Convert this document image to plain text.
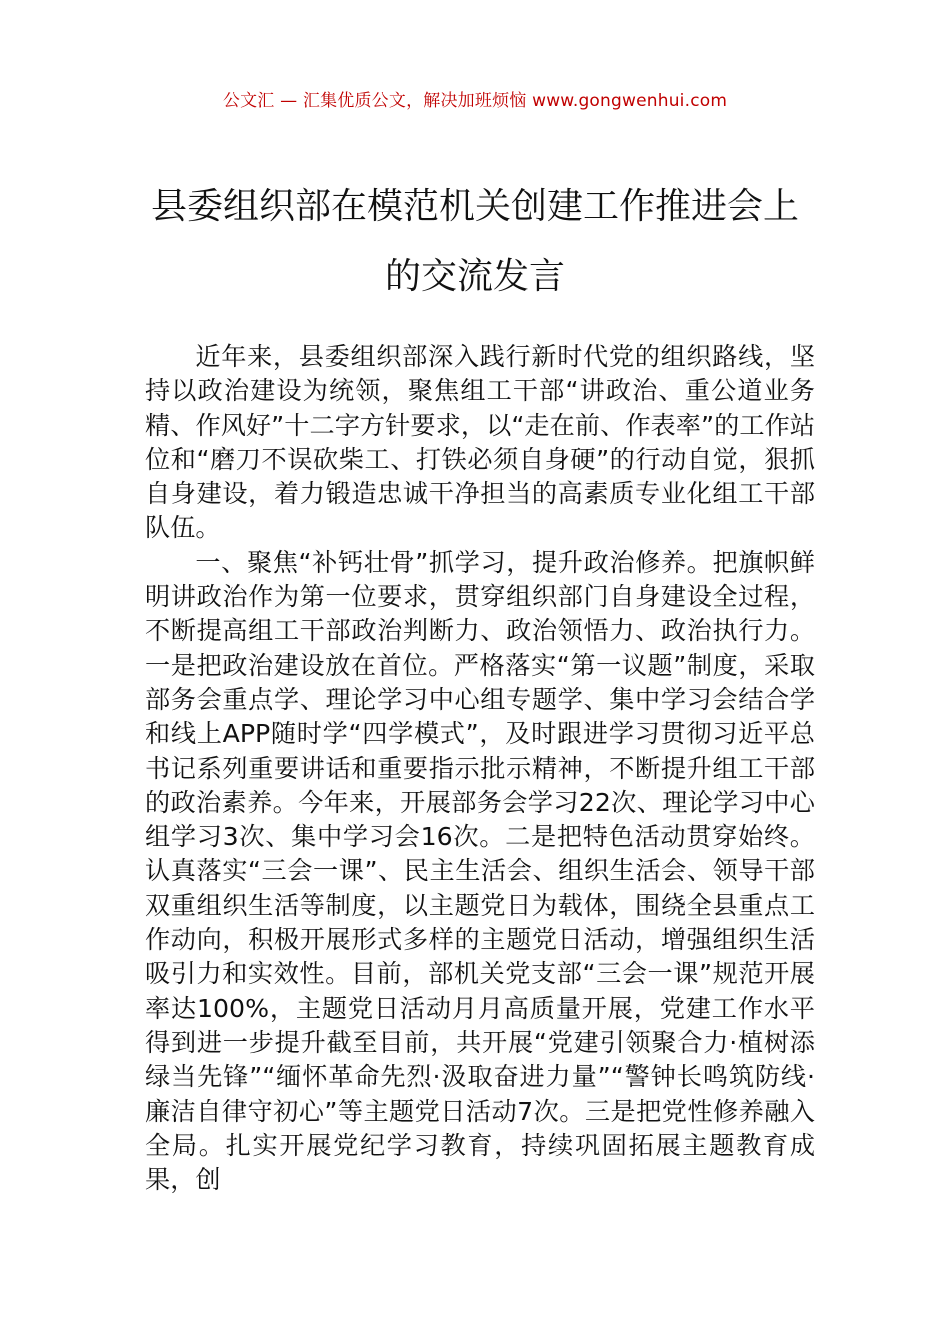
公文汇 — 汇集优质公文，解决加班烦恼 www.gongwenhui.com
县委组织部在模范机关创建工作推进会上
的交流发言

近年来，县委组织部深入践行新时代党的组织路线，坚持以政治建设为统领，聚焦组工干部“讲政治、重公道业务精、作风好”十二字方针要求，以“走在前、作表率”的工作站位和“磨刀不误砍柴工、打铁必须自身硬”的行动自觉，狠抓自身建设，着力锻造忠诚干净担当的高素质专业化组工干部队伍。

一、聚焦“补钙壮骨”抓学习，提升政治修养。把旗帜鲜明讲政治作为第一位要求，贯穿组织部门自身建设全过程，不断提高组工干部政治判断力、政治领悟力、政治执行力。一是把政治建设放在首位。严格落实“第一议题”制度，采取部务会重点学、理论学习中心组专题学、集中学习会结合学和线上APP随时学“四学模式”，及时跟进学习贯彻习近平总书记系列重要讲话和重要指示批示精神，不断提升组工干部的政治素养。今年来，开展部务会学习22次、理论学习中心组学习3次、集中学习会16次。二是把特色活动贯穿始终。认真落实“三会一课”、民主生活会、组织生活会、领导干部双重组织生活等制度，以主题党日为载体，围绕全县重点工作动向，积极开展形式多样的主题党日活动，增强组织生活吸引力和实效性。目前，部机关党支部“三会一课”规范开展率达100%，主题党日活动月月高质量开展，党建工作水平得到进一步提升截至目前，共开展“党建引领聚合力·植树添绿当先锋”“缅怀革命先烈·汲取奋进力量”“警钟长鸣筑防线·廉洁自律守初心”等主题党日活动7次。三是把党性修养融入全局。扎实开展党纪学习教育，持续巩固拓展主题教育成果，创
